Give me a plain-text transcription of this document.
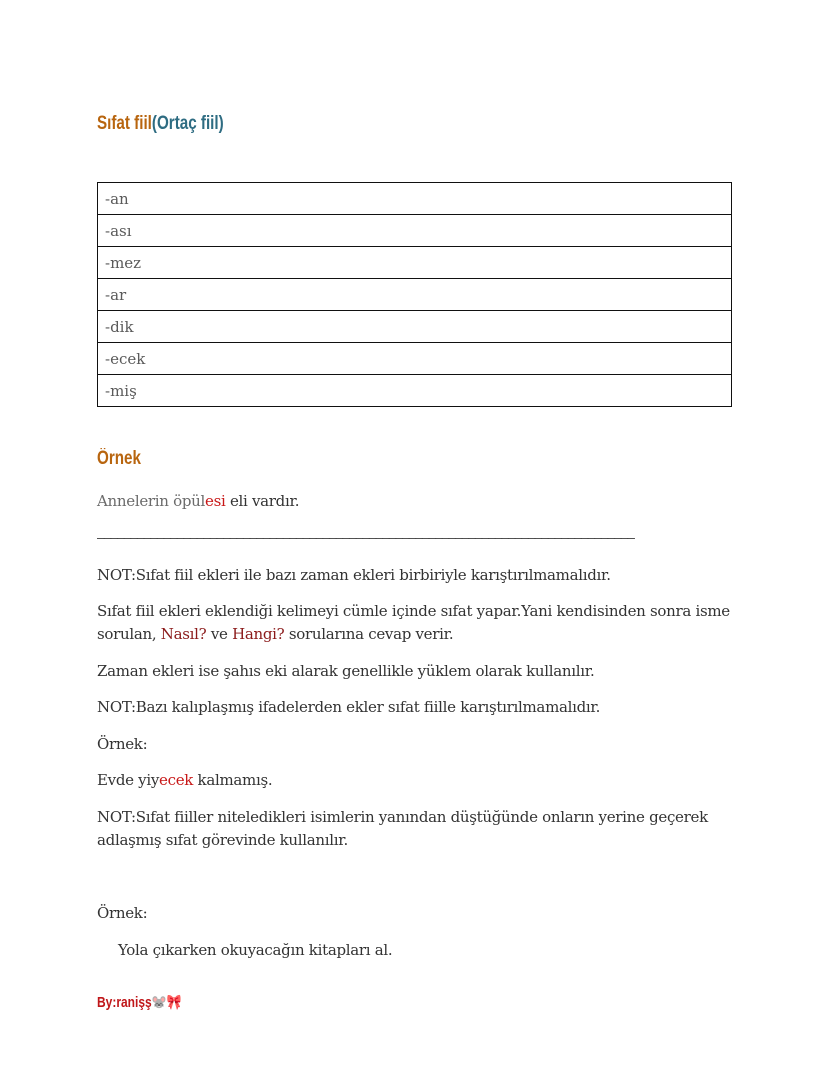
Sıfat fiil(Ortaç fiil)
-an
-ası
-mez
-ar
-dik
-ecek
-miş
Örnek
Annelerin öpülesi eli vardır.
—————————————————————————————————————————————————————————————————————————————————
NOT:Sıfat fiil ekleri ile bazı zaman ekleri birbiriyle karıştırılmamalıdır.
Sıfat fiil ekleri eklendiği kelimeyi cümle içinde sıfat yapar.Yani kendisinden sonra isme sorulan, Nasıl? ve Hangi? sorularına cevap verir.
Zaman ekleri ise şahıs eki alarak genellikle yüklem olarak kullanılır.
NOT:Bazı kalıplaşmış ifadelerden ekler sıfat fiille karıştırılmamalıdır.
Örnek:
Evde yiyecek kalmamış.
NOT:Sıfat fiiller niteledikleri isimlerin yanından düştüğünde onların yerine geçerek adlaşmış sıfat görevinde kullanılır.
Örnek:
Yola çıkarken okuyacağın kitapları al.
By:ranişş🐭🎀
